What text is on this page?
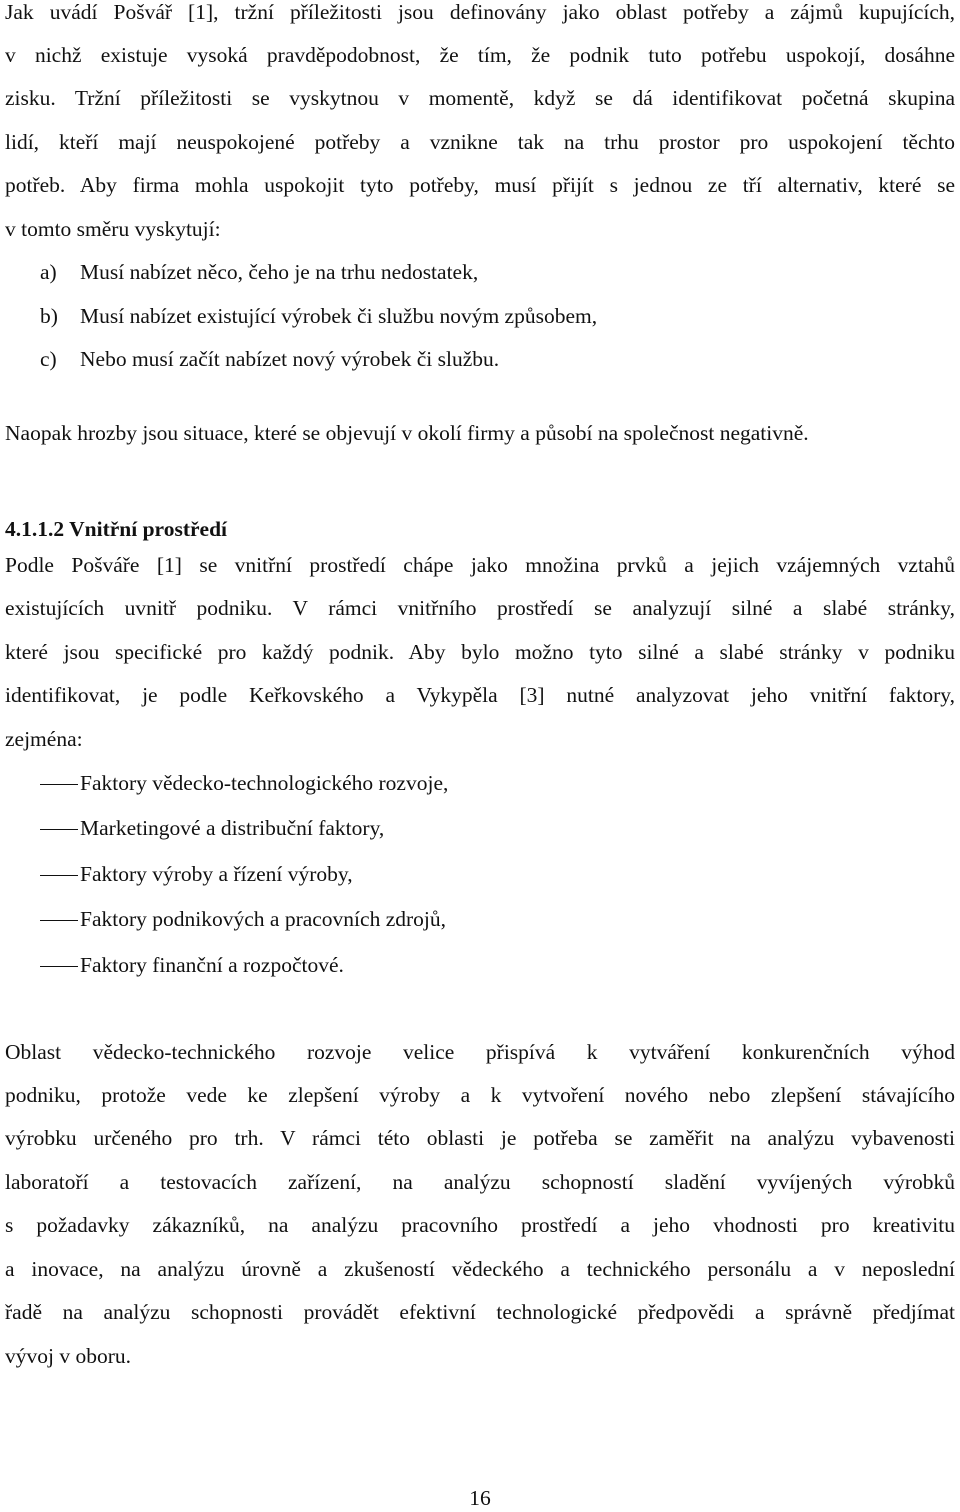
Jak uvádí Pošvář [1], tržní příležitosti jsou definovány jako oblast potřeby a zájmů kupujících,
v nichž existuje vysoká pravděpodobnost, že tím, že podnik tuto potřebu uspokojí, dosáhne
zisku. Tržní příležitosti se vyskytnou v momentě, když se dá identifikovat početná skupina
lidí, kteří mají neuspokojené potřeby a vznikne tak na trhu prostor pro uspokojení těchto
potřeb. Aby firma mohla uspokojit tyto potřeby, musí přijít s jednou ze tří alternativ, které se
v tomto směru vyskytují:
a) Musí nabízet něco, čeho je na trhu nedostatek,
b) Musí nabízet existující výrobek či službu novým způsobem,
c) Nebo musí začít nabízet nový výrobek či službu.
Naopak hrozby jsou situace, které se objevují v okolí firmy a působí na společnost negativně.
4.1.1.2 Vnitřní prostředí
Podle Pošváře [1] se vnitřní prostředí chápe jako množina prvků a jejich vzájemných vztahů
existujících uvnitř podniku. V rámci vnitřního prostředí se analyzují silné a slabé stránky,
které jsou specifické pro každý podnik. Aby bylo možno tyto silné a slabé stránky v podniku
identifikovat, je podle Keřkovského a Vykypěla [3] nutné analyzovat jeho vnitřní faktory,
zejména:
Faktory vědecko-technologického rozvoje,
Marketingové a distribuční faktory,
Faktory výroby a řízení výroby,
Faktory podnikových a pracovních zdrojů,
Faktory finanční a rozpočtové.
Oblast vědecko-technického rozvoje velice přispívá k vytváření konkurenčních výhod
podniku, protože vede ke zlepšení výroby a k vytvoření nového nebo zlepšení stávajícího
výrobku určeného pro trh. V rámci této oblasti je potřeba se zaměřit na analýzu vybavenosti
laboratoří a testovacích zařízení, na analýzu schopností sladění vyvíjených výrobků
s požadavky zákazníků, na analýzu pracovního prostředí a jeho vhodnosti pro kreativitu
a inovace, na analýzu úrovně a zkušeností vědeckého a technického personálu a v neposlední
řadě na analýzu schopnosti provádět efektivní technologické předpovědi a správně předjímat
vývoj v oboru.
16
